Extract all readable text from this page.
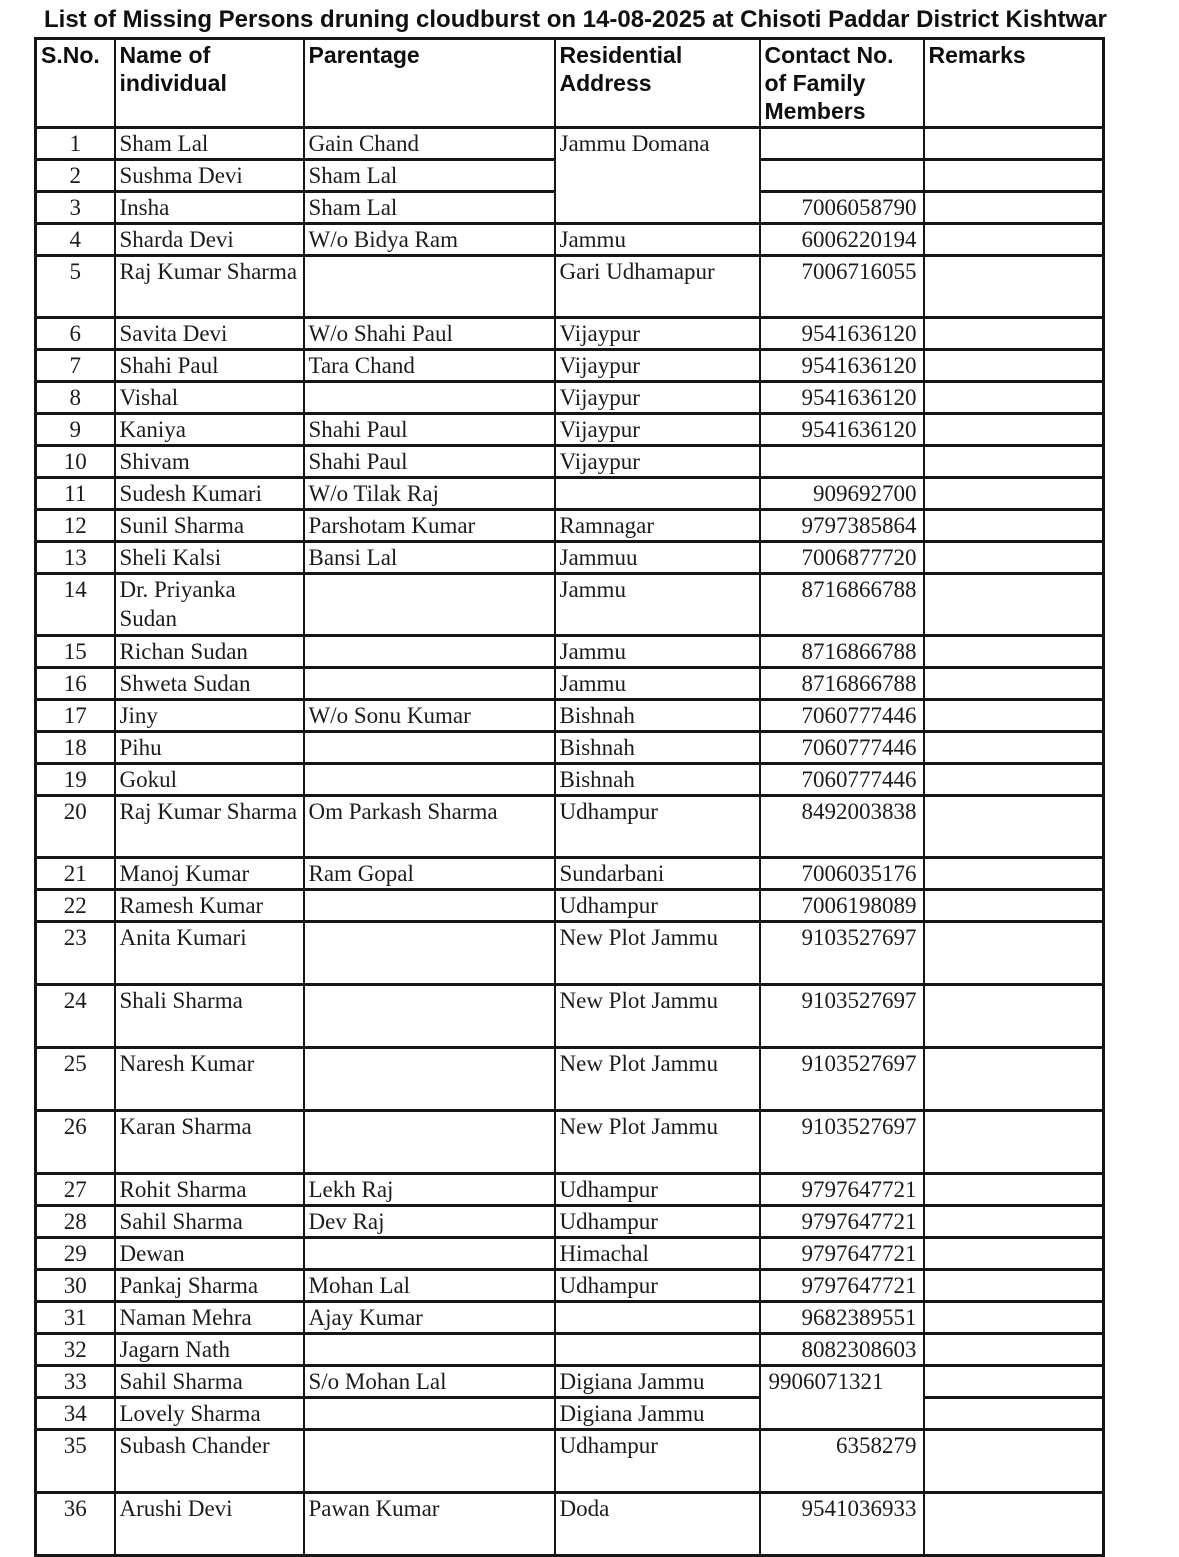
List of Missing Persons druning cloudburst on 14-08-2025 at Chisoti Paddar District Kishtwar
S.No.	Name of individual	Parentage	Residential Address	Contact No. of Family Members	Remarks
1	Sham Lal	Gain Chand	Jammu Domana		
2	Sushma Devi	Sham Lal			
3	Insha	Sham Lal		7006058790	
4	Sharda Devi	W/o Bidya Ram	Jammu	6006220194	
5	Raj Kumar Sharma		Gari Udhamapur	7006716055	
6	Savita Devi	W/o Shahi Paul	Vijaypur	9541636120	
7	Shahi Paul	Tara Chand	Vijaypur	9541636120	
8	Vishal		Vijaypur	9541636120	
9	Kaniya	Shahi Paul	Vijaypur	9541636120	
10	Shivam	Shahi Paul	Vijaypur		
11	Sudesh Kumari	W/o Tilak Raj		909692700	
12	Sunil Sharma	Parshotam Kumar	Ramnagar	9797385864	
13	Sheli Kalsi	Bansi Lal	Jammuu	7006877720	
14	Dr. Priyanka Sudan		Jammu	8716866788	
15	Richan Sudan		Jammu	8716866788	
16	Shweta Sudan		Jammu	8716866788	
17	Jiny	W/o Sonu Kumar	Bishnah	7060777446	
18	Pihu		Bishnah	7060777446	
19	Gokul		Bishnah	7060777446	
20	Raj Kumar Sharma	Om Parkash Sharma	Udhampur	8492003838	
21	Manoj Kumar	Ram Gopal	Sundarbani	7006035176	
22	Ramesh Kumar		Udhampur	7006198089	
23	Anita Kumari		New Plot Jammu	9103527697	
24	Shali Sharma		New Plot Jammu	9103527697	
25	Naresh Kumar		New Plot Jammu	9103527697	
26	Karan Sharma		New Plot Jammu	9103527697	
27	Rohit Sharma	Lekh Raj	Udhampur	9797647721	
28	Sahil Sharma	Dev Raj	Udhampur	9797647721	
29	Dewan		Himachal	9797647721	
30	Pankaj Sharma	Mohan Lal	Udhampur	9797647721	
31	Naman Mehra	Ajay Kumar		9682389551	
32	Jagarn Nath			8082308603	
33	Sahil Sharma	S/o Mohan Lal	Digiana Jammu	9906071321	
34	Lovely Sharma		Digiana Jammu		
35	Subash Chander		Udhampur	6358279	
36	Arushi Devi	Pawan Kumar	Doda	9541036933	
